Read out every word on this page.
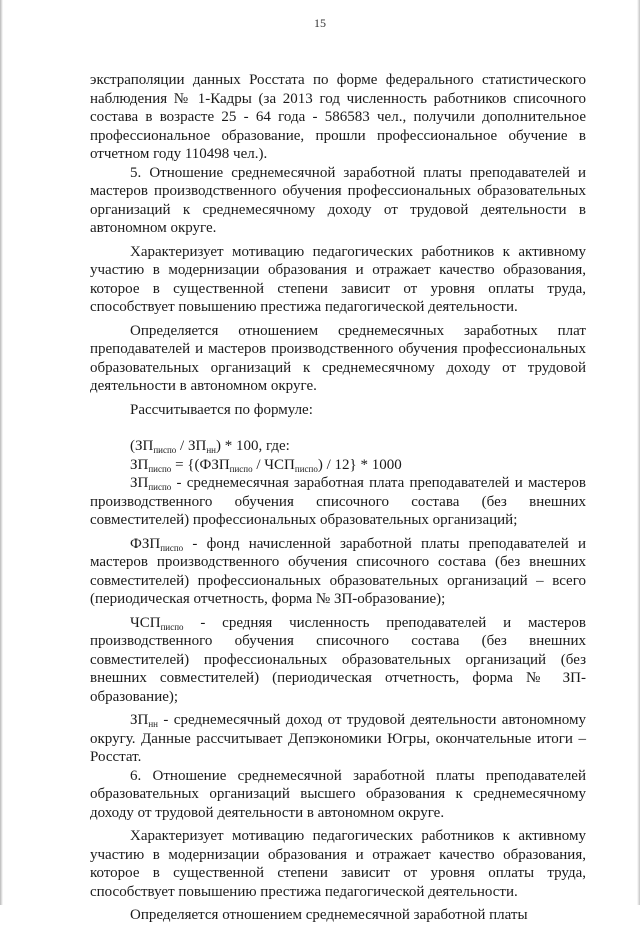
15

экстраполяции данных Росстата по форме федерального статистического наблюдения № 1-Кадры (за 2013 год численность работников списочного состава в возрасте 25 - 64 года - 586583 чел., получили дополнительное профессиональное образование, прошли профессиональное обучение в отчетном году 110498 чел.).

5. Отношение среднемесячной заработной платы преподавателей и мастеров производственного обучения профессиональных образовательных организаций к среднемесячному доходу от трудовой деятельности в автономном округе.

Характеризует мотивацию педагогических работников к активному участию в модернизации образования и отражает качество образования, которое в существенной степени зависит от уровня оплаты труда, способствует повышению престижа педагогической деятельности.

Определяется отношением среднемесячных заработных плат преподавателей и мастеров производственного обучения профессиональных образовательных организаций к среднемесячному доходу от трудовой деятельности в автономном округе.

Рассчитывается по формуле:

$(ЗП_{писпо} / ЗП_{нн}) * 100$, где:

$ЗП_{писпо} = \{(ФЗП_{писпо} / ЧСП_{писпо}) / 12\} * 1000$

$ЗП_{писпо}$ - среднемесячная заработная плата преподавателей и мастеров производственного обучения списочного состава (без внешних совместителей) профессиональных образовательных организаций;

$ФЗП_{писпо}$ - фонд начисленной заработной платы преподавателей и мастеров производственного обучения списочного состава (без внешних совместителей) профессиональных образовательных организаций – всего (периодическая отчетность, форма № ЗП-образование);

$ЧСП_{писпо}$ - средняя численность преподавателей и мастеров производственного обучения списочного состава (без внешних совместителей) профессиональных образовательных организаций (без внешних совместителей) (периодическая отчетность, форма № ЗП-образование);

$ЗП_{нн}$ - среднемесячный доход от трудовой деятельности автономному округу. Данные рассчитывает Депэкономики Югры, окончательные итоги – Росстат.

6. Отношение среднемесячной заработной платы преподавателей образовательных организаций высшего образования к среднемесячному доходу от трудовой деятельности в автономном округе.

Характеризует мотивацию педагогических работников к активному участию в модернизации образования и отражает качество образования, которое в существенной степени зависит от уровня оплаты труда, способствует повышению престижа педагогической деятельности.

Определяется отношением среднемесячной заработной платы
